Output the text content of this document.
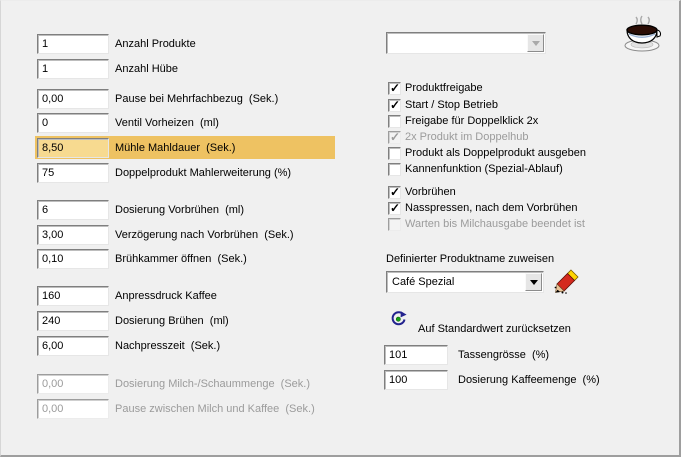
1
Anzahl Produkte
1
Anzahl Hübe
0,00
Pause bei Mehrfachbezug  (Sek.)
0
Ventil Vorheizen  (ml)
8,50
Mühle Mahldauer  (Sek.)
75
Doppelprodukt Mahlerweiterung (%)
6
Dosierung Vorbrühen  (ml)
3,00
Verzögerung nach Vorbrühen  (Sek.)
0,10
Brühkammer öffnen  (Sek.)
160
Anpressdruck Kaffee
240
Dosierung Brühen  (ml)
6,00
Nachpresszeit  (Sek.)
0,00
Dosierung Milch-/Schaummenge  (Sek.)
0,00
Pause zwischen Milch und Kaffee  (Sek.)
✓
Produktfreigabe
✓
Start / Stop Betrieb
Freigabe für Doppelklick 2x
✓
2x Produkt im Doppelhub
Produkt als Doppelprodukt ausgeben
Kannenfunktion (Spezial-Ablauf)
✓
Vorbrühen
✓
Nasspressen, nach dem Vorbrühen
Warten bis Milchausgabe beendet ist
Definierter Produktname zuweisen
Café Spezial
Auf Standardwert zurücksetzen
101
Tassengrösse  (%)
100
Dosierung Kaffeemenge  (%)
